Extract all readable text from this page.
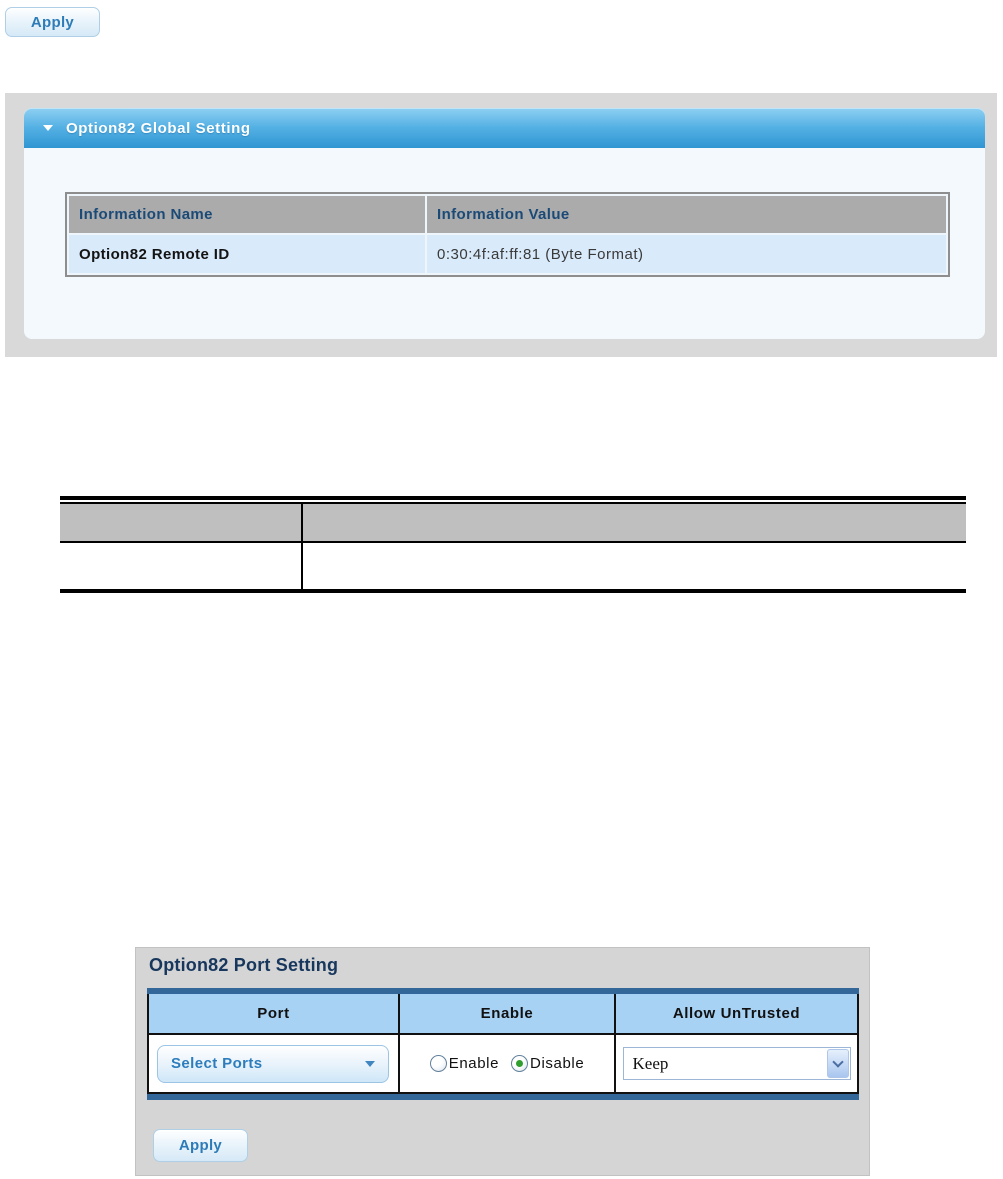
Apply
Option82 Global Setting
Information Name	Information Value
Option82 Remote ID	0:30:4f:af:ff:81 (Byte Format)
Option82 Port Setting
Port	Enable	Allow UnTrusted
Select Ports	Enable Disable	Keep
Apply
